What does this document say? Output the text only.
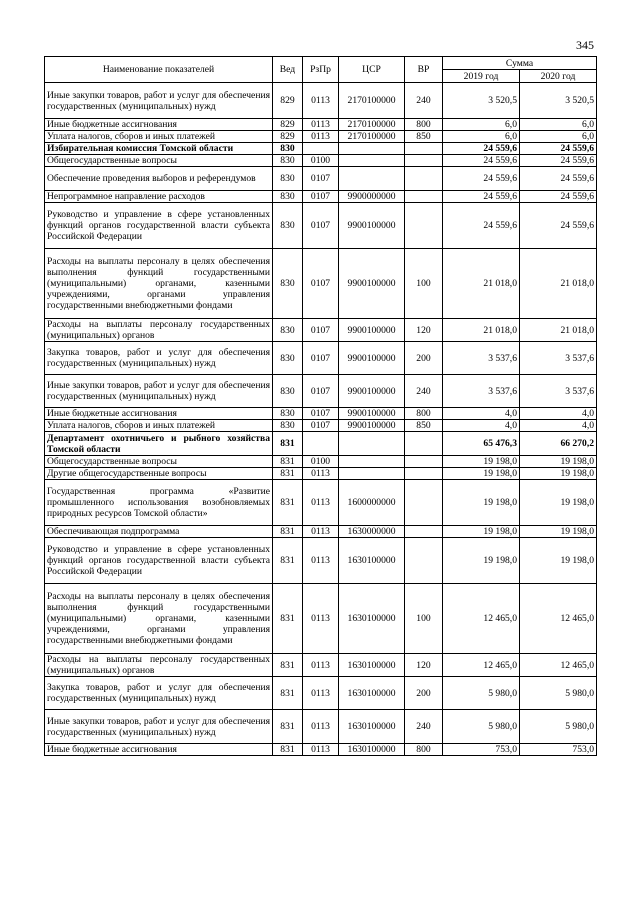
345
Наименование показателей	Вед	РзПр	ЦСР	ВР	Сумма	
					2019 год	2020 год
Иные закупки товаров, работ и услуг для обеспечения государственных (муниципальных) нужд	829	0113	2170100000	240	3 520,5	3 520,5
Иные бюджетные ассигнования	829	0113	2170100000	800	6,0	6,0
Уплата налогов, сборов и иных платежей	829	0113	2170100000	850	6,0	6,0
Избирательная комиссия Томской области	830				24 559,6	24 559,6
Общегосударственные вопросы	830	0100			24 559,6	24 559,6
Обеспечение проведения выборов и референдумов	830	0107			24 559,6	24 559,6
Непрограммное направление расходов	830	0107	9900000000		24 559,6	24 559,6
Руководство и управление в сфере установленных функций органов государственной власти субъекта Российской Федерации	830	0107	9900100000		24 559,6	24 559,6
Расходы на выплаты персоналу в целях обеспечения выполнения функций государственными (муниципальными) органами, казенными учреждениями, органами управления государственными внебюджетными фондами	830	0107	9900100000	100	21 018,0	21 018,0
Расходы на выплаты персоналу государственных (муниципальных) органов	830	0107	9900100000	120	21 018,0	21 018,0
Закупка товаров, работ и услуг для обеспечения государственных (муниципальных) нужд	830	0107	9900100000	200	3 537,6	3 537,6
Иные закупки товаров, работ и услуг для обеспечения государственных (муниципальных) нужд	830	0107	9900100000	240	3 537,6	3 537,6
Иные бюджетные ассигнования	830	0107	9900100000	800	4,0	4,0
Уплата налогов, сборов и иных платежей	830	0107	9900100000	850	4,0	4,0
Департамент охотничьего и рыбного хозяйства Томской области	831				65 476,3	66 270,2
Общегосударственные вопросы	831	0100			19 198,0	19 198,0
Другие общегосударственные вопросы	831	0113			19 198,0	19 198,0
Государственная программа «Развитие промышленного использования возобновляемых природных ресурсов Томской области»	831	0113	1600000000		19 198,0	19 198,0
Обеспечивающая подпрограмма	831	0113	1630000000		19 198,0	19 198,0
Руководство и управление в сфере установленных функций органов государственной власти субъекта Российской Федерации	831	0113	1630100000		19 198,0	19 198,0
Расходы на выплаты персоналу в целях обеспечения выполнения функций государственными (муниципальными) органами, казенными учреждениями, органами управления государственными внебюджетными фондами	831	0113	1630100000	100	12 465,0	12 465,0
Расходы на выплаты персоналу государственных (муниципальных) органов	831	0113	1630100000	120	12 465,0	12 465,0
Закупка товаров, работ и услуг для обеспечения государственных (муниципальных) нужд	831	0113	1630100000	200	5 980,0	5 980,0
Иные закупки товаров, работ и услуг для обеспечения государственных (муниципальных) нужд	831	0113	1630100000	240	5 980,0	5 980,0
Иные бюджетные ассигнования	831	0113	1630100000	800	753,0	753,0
